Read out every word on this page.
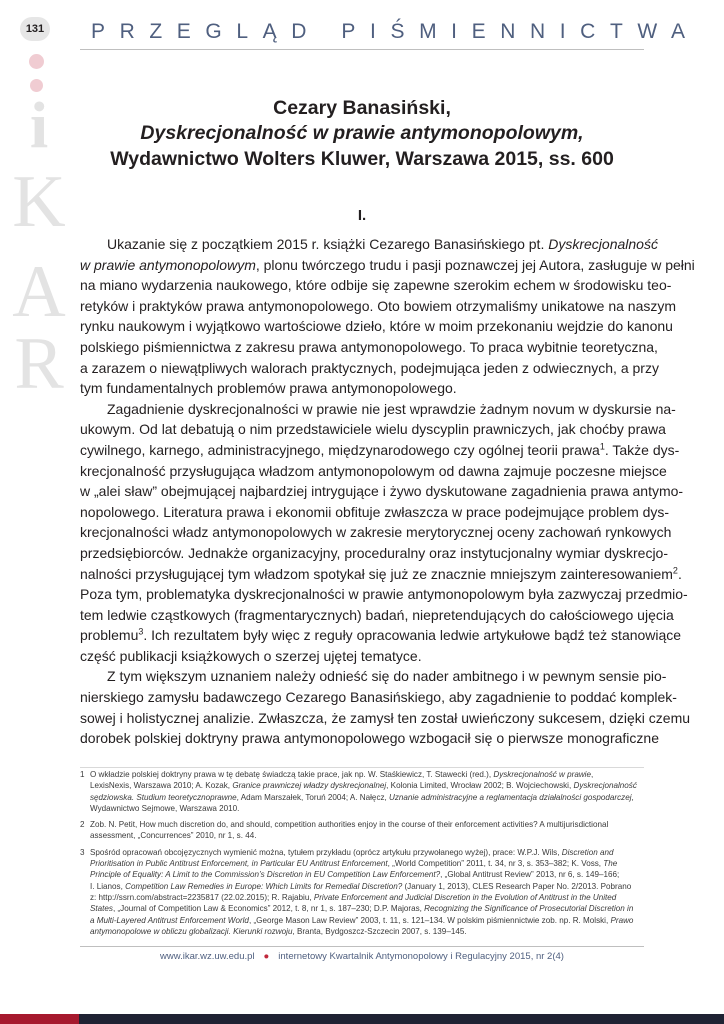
131
i
K
A
R
PRZEGLĄD PIŚMIENNICTWA
Cezary Banasiński,
Dyskrecjonalność w prawie antymonopolowym,
Wydawnictwo Wolters Kluwer, Warszawa 2015, ss. 600
I.

Ukazanie się z początkiem 2015 r. książki Cezarego Banasińskiego pt. Dyskrecjonalność
w prawie antymonopolowym, plonu twórczego trudu i pasji poznawczej jej Autora, zasługuje w pełni
na miano wydarzenia naukowego, które odbije się zapewne szerokim echem w środowisku teo-
retyków i praktyków prawa antymonopolowego. Oto bowiem otrzymaliśmy unikatowe na naszym
rynku naukowym i wyjątkowo wartościowe dzieło, które w moim przekonaniu wejdzie do kanonu
polskiego piśmiennictwa z zakresu prawa antymonopolowego. To praca wybitnie teoretyczna,
a zarazem o niewątpliwych walorach praktycznych, podejmująca jeden z odwiecznych, a przy
tym fundamentalnych problemów prawa antymonopolowego.

Zagadnienie dyskrecjonalności w prawie nie jest wprawdzie żadnym novum w dyskursie na-
ukowym. Od lat debatują o nim przedstawiciele wielu dyscyplin prawniczych, jak choćby prawa
cywilnego, karnego, administracyjnego, międzynarodowego czy ogólnej teorii prawa$^1$. Także dys-
krecjonalność przysługująca władzom antymonopolowym od dawna zajmuje poczesne miejsce
w „alei sław” obejmującej najbardziej intrygujące i żywo dyskutowane zagadnienia prawa antymo-
nopolowego. Literatura prawa i ekonomii obfituje zwłaszcza w prace podejmujące problem dys-
krecjonalności władz antymonopolowych w zakresie merytorycznej oceny zachowań rynkowych
przedsiębiorców. Jednakże organizacyjny, proceduralny oraz instytucjonalny wymiar dyskrecjo-
nalności przysługującej tym władzom spotykał się już ze znacznie mniejszym zainteresowaniem$^2$.
Poza tym, problematyka dyskrecjonalności w prawie antymonopolowym była zazwyczaj przedmio-
tem ledwie cząstkowych (fragmentarycznych) badań, niepretendujących do całościowego ujęcia
problemu$^3$. Ich rezultatem były więc z reguły opracowania ledwie artykułowe bądź też stanowiące
część publikacji książkowych o szerzej ujętej tematyce.

Z tym większym uznaniem należy odnieść się do nader ambitnego i w pewnym sensie pio-
nierskiego zamysłu badawczego Cezarego Banasińskiego, aby zagadnienie to poddać komplek-
sowej i holistycznej analizie. Zwłaszcza, że zamysł ten został uwieńczony sukcesem, dzięki czemu
dorobek polskiej doktryny prawa antymonopolowego wzbogacił się o pierwsze monograficzne

1 O wkładzie polskiej doktryny prawa w tę debatę świadczą takie prace, jak np. W. Staśkiewicz, T. Stawecki (red.), Dyskrecjonalność w prawie,
LexisNexis, Warszawa 2010; A. Kozak, Granice prawniczej władzy dyskrecjonalnej, Kolonia Limited, Wrocław 2002; B. Wojciechowski, Dyskrecjonalność
sędziowska. Studium teoretycznoprawne, Adam Marszałek, Toruń 2004; A. Nałęcz, Uznanie administracyjne a reglamentacja działalności gospodarczej,
Wydawnictwo Sejmowe, Warszawa 2010.
2 Zob. N. Petit, How much discretion do, and should, competition authorities enjoy in the course of their enforcement activities? A multijurisdictional
assessment, „Concurrences” 2010, nr 1, s. 44.
3 Spośród opracowań obcojęzycznych wymienić można, tytułem przykładu (oprócz artykułu przywołanego wyżej), prace: W.P.J. Wils, Discretion and
Prioritisation in Public Antitrust Enforcement, in Particular EU Antitrust Enforcement, „World Competition” 2011, t. 34, nr 3, s. 353–382; K. Voss, The
Principle of Equality: A Limit to the Commission’s Discretion in EU Competition Law Enforcement?, „Global Antitrust Review” 2013, nr 6, s. 149–166;
I. Lianos, Competition Law Remedies in Europe: Which Limits for Remedial Discretion? (January 1, 2013), CLES Research Paper No. 2/2013. Pobrano
z: http://ssrn.com/abstract=2235817 (22.02.2015); R. Rajabiu, Private Enforcement and Judicial Discretion in the Evolution of Antitrust in the United
States, „Journal of Competition Law & Economics” 2012, t. 8, nr 1, s. 187–230; D.P. Majoras, Recognizing the Significance of Prosecutorial Discretion in
a Multi-Layered Antitrust Enforcement World, „George Mason Law Review” 2003, t. 11, s. 121–134. W polskim piśmiennictwie zob. np. R. Molski, Prawo
antymonopolowe w obliczu globalizacji. Kierunki rozwoju, Branta, Bydgoszcz-Szczecin 2007, s. 139–145.
www.ikar.wz.uw.edu.pl ● internetowy Kwartalnik Antymonopolowy i Regulacyjny 2015, nr 2(4)
